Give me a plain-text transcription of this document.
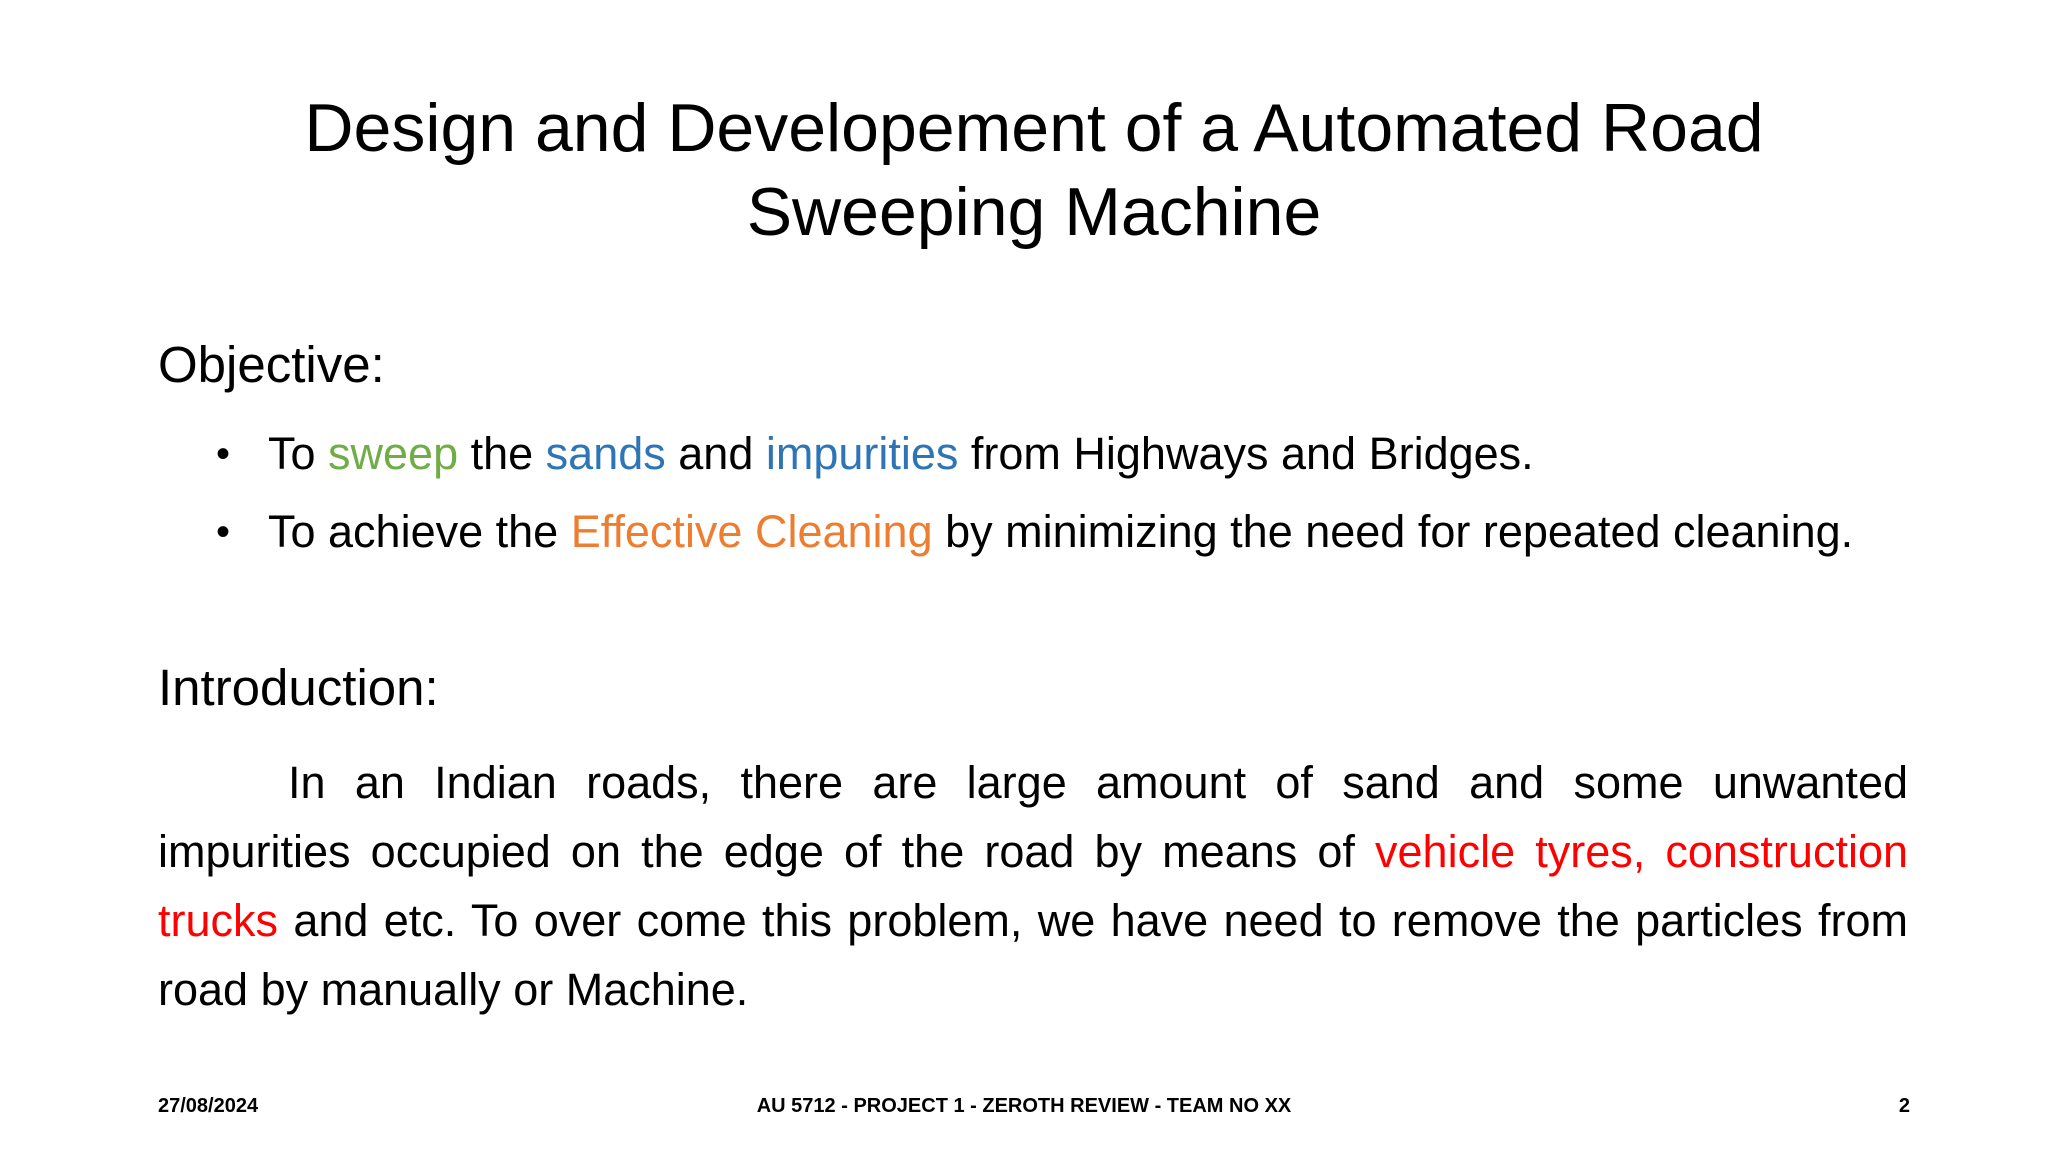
Design and Developement of a Automated Road
Sweeping Machine
Objective:
• To sweep the sands and impurities from Highways and Bridges.
• To achieve the Effective Cleaning by minimizing the need for repeated cleaning.
Introduction:

In an Indian roads, there are large amount of sand and some unwanted impurities occupied on the edge of the road by means of vehicle tyres, construction trucks and etc. To over come this problem, we have need to remove the particles from road by manually or Machine.

27/08/2024	AU 5712 - PROJECT 1 - ZEROTH REVIEW - TEAM NO XX	2
